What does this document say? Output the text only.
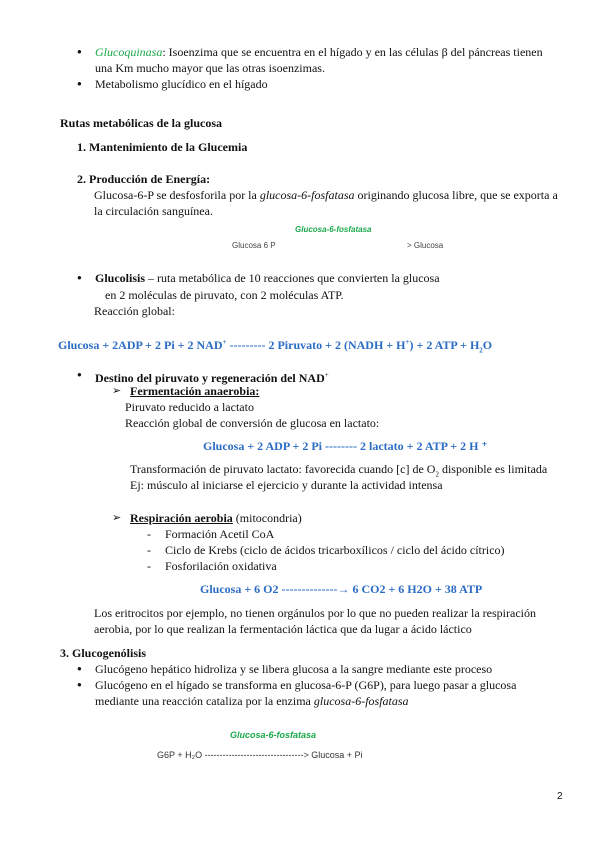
● Glucoquinasa: Isoenzima que se encuentra en el hígado y en las células β del páncreas tienen
una Km mucho mayor que las otras isoenzimas.
● Metabolismo glucídico en el hígado
Rutas metabólicas de la glucosa
1. Mantenimiento de la Glucemia
2. Producción de Energía:
Glucosa-6-P se desfosforila por la glucosa-6-fosfatasa originando glucosa libre, que se exporta a
la circulación sanguínea.
Glucosa-6-fosfatasa
Glucosa 6 P	> Glucosa
● Glucolisis – ruta metabólica de 10 reacciones que convierten la glucosa
en 2 moléculas de piruvato, con 2 moléculas ATP.
Reacción global:
Glucosa + 2ADP + 2 Pi + 2 NAD+ --------- 2 Piruvato + 2 (NADH + H+) + 2 ATP + $H_2O$
● Destino del piruvato y regeneración del NAD+
➢ Fermentación anaerobia:
Piruvato reducido a lactato
Reacción global de conversión de glucosa en lactato:
Glucosa + 2 ADP + 2 Pi -------- 2 lactato + 2 ATP + 2 H ⁺
Transformación de piruvato lactato: favorecida cuando [c] de $O_2$ disponible es limitada
Ej: músculo al iniciarse el ejercicio y durante la actividad intensa
➢ Respiración aerobia (mitocondria)
- Formación Acetil CoA
- Ciclo de Krebs (ciclo de ácidos tricarboxílicos / ciclo del ácido cítrico)
- Fosforilación oxidativa
Glucosa + 6 O2 --------------→ 6 CO2 + 6 H2O + 38 ATP
Los eritrocitos por ejemplo, no tienen orgánulos por lo que no pueden realizar la respiración
aerobia, por lo que realizan la fermentación láctica que da lugar a ácido láctico
3. Glucogenólisis
● Glucógeno hepático hidroliza y se libera glucosa a la sangre mediante este proceso
● Glucógeno en el hígado se transforma en glucosa-6-P (G6P), para luego pasar a glucosa
mediante una reacción cataliza por la enzima glucosa-6-fosfatasa
Glucosa-6-fosfatasa
G6P + H₂O ---------------------------------> Glucosa + Pi
2
